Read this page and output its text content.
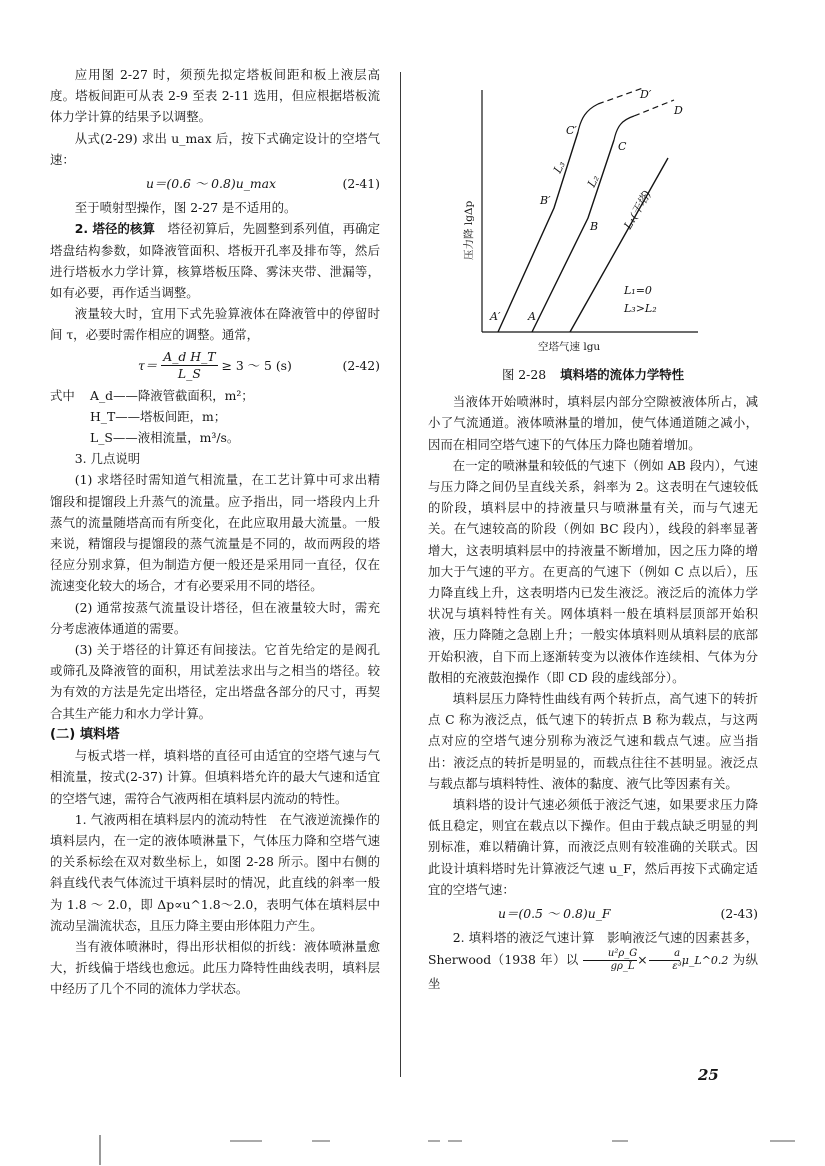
应用图 2-27 时，须预先拟定塔板间距和板上液层高度。塔板间距可从表 2-9 至表 2-11 选用，但应根据塔板流体力学计算的结果予以调整。

从式(2-29) 求出 u_max 后，按下式确定设计的空塔气速：

u＝(0.6 ～ 0.8)u_max	(2-41)

至于喷射型操作，图 2-27 是不适用的。

2. 塔径的核算　 塔径初算后，先圆整到系列值，再确定塔盘结构参数，如降液管面积、塔板开孔率及排布等，然后进行塔板水力学计算，核算塔板压降、雾沫夹带、泄漏等，如有必要，再作适当调整。

液量较大时，宜用下式先验算液体在降液管中的停留时间 τ，必要时需作相应的调整。通常，

$\tau= \frac{\text{A\_d H\_T}}{L\_S} \ge 3$ ～ 5 (s)	(2-42)
式中 A_d——降液管截面积，m²；
H_T——塔板间距，m；
L_S——液相流量，m³/s。

3. 几点说明

(1) 求塔径时需知道气相流量，在工艺计算中可求出精馏段和提馏段上升蒸气的流量。应予指出，同一塔段内上升蒸气的流量随塔高而有所变化，在此应取用最大流量。一般来说，精馏段与提馏段的蒸气流量是不同的，故而两段的塔径应分别求算，但为制造方便一般还是采用同一直径，仅在流速变化较大的场合，才有必要采用不同的塔径。

(2) 通常按蒸气流量设计塔径，但在液量较大时，需充分考虑液体通道的需要。

(3) 关于塔径的计算还有间接法。它首先给定的是阀孔或筛孔及降液管的面积，用试差法求出与之相当的塔径。较为有效的方法是先定出塔径，定出塔盘各部分的尺寸，再契合其生产能力和水力学计算。

(二) 填料塔

与板式塔一样，填料塔的直径可由适宜的空塔气速与气相流量，按式(2-37) 计算。但填料塔允许的最大气速和适宜的空塔气速，需符合气液两相在填料层内流动的特性。

1. 气液两相在填料层内的流动特性　在气液逆流操作的填料层内，在一定的液体喷淋量下，气体压力降和空塔气速的关系标绘在双对数坐标上，如图 2-28 所示。图中右侧的斜直线代表气体流过干填料层时的情况，此直线的斜率一般为 1.8 ～ 2.0，即 Δp∝u^1.8～2.0，表明气体在填料层中流动呈湍流状态，且压力降主要由形体阻力产生。

当有液体喷淋时，得出形状相似的折线：液体喷淋量愈大，折线偏于塔线也愈远。此压力降特性曲线表明，填料层中经历了几个不同的流体力学状态。

A′	A
B′
B
C′
C
D′
D
L₃
L₂
L₁(干塔)
L₁=0
L₃>L₂
压力降 lgΔp
空塔气速 lgu

图 2-28 填料塔的流体力学特性

当液体开始喷淋时，填料层内部分空隙被液体所占，减小了气流通道。液体喷淋量的增加，使气体通道随之减小，因而在相同空塔气速下的气体压力降也随着增加。

在一定的喷淋量和较低的气速下（例如 AB 段内），气速与压力降之间仍呈直线关系，斜率为 2。这表明在气速较低的阶段，填料层中的持液量只与喷淋量有关，而与气速无关。在气速较高的阶段（例如 BC 段内），线段的斜率显著增大，这表明填料层中的持液量不断增加，因之压力降的增加大于气速的平方。在更高的气速下（例如 C 点以后），压力降直线上升，这表明塔内已发生液泛。液泛后的流体力学状况与填料特性有关。网体填料一般在填料层顶部开始积液，压力降随之急剧上升；一般实体填料则从填料层的底部开始积液，自下而上逐渐转变为以液体作连续相、气体为分散相的充液鼓泡操作（即 CD 段的虚线部分）。

填料层压力降特性曲线有两个转折点，高气速下的转折点 C 称为液泛点，低气速下的转折点 B 称为载点，与这两点对应的空塔气速分别称为液泛气速和载点气速。应当指出：液泛点的转折是明显的，而载点往往不甚明显。液泛点与载点都与填料特性、液体的黏度、液气比等因素有关。

填料塔的设计气速必须低于液泛气速，如果要求压力降低且稳定，则宜在载点以下操作。但由于载点缺乏明显的判别标准，难以精确计算，而液泛点则有较准确的关联式。因此设计填料塔时先计算液泛气速 u_F，然后再按下式确定适宜的空塔气速：

u＝(0.5 ～ 0.8)u_F	(2-43)

2. 填料塔的液泛气速计算　影响液泛气速的因素甚多，Sherwood（1938 年）以 $\frac{\text{u²ρ\_G}}{g\rho\_L} \times \frac{a}{\text{ε³}}$ μ_L^0.2 为纵坐

25
